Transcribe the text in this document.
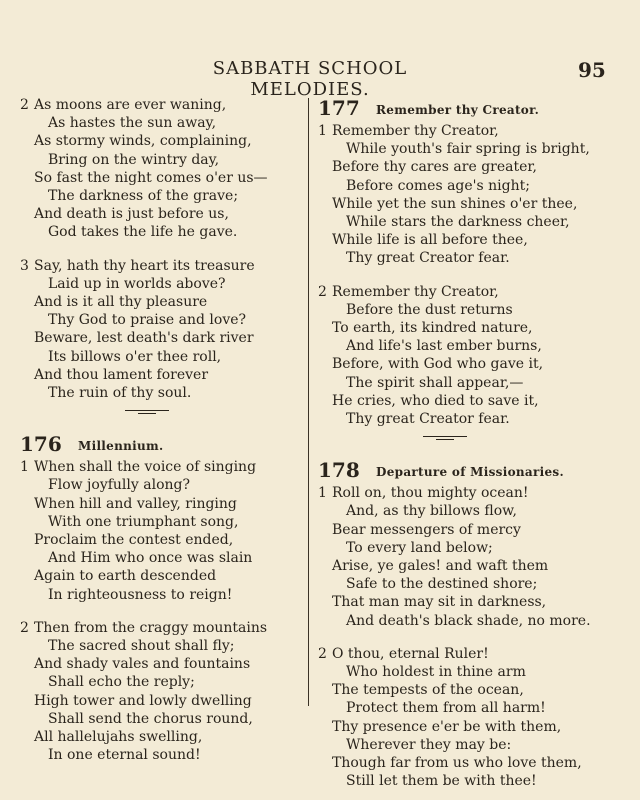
SABBATH SCHOOL MELODIES.
95
2 As moons are ever waning,
As hastes the sun away,
As stormy winds, complaining,
Bring on the wintry day,
So fast the night comes o'er us—
The darkness of the grave;
And death is just before us,
God takes the life he gave.
3 Say, hath thy heart its treasure
Laid up in worlds above?
And is it all thy pleasure
Thy God to praise and love?
Beware, lest death's dark river
Its billows o'er thee roll,
And thou lament forever
The ruin of thy soul.
176 Millennium.
1 When shall the voice of singing
Flow joyfully along?
When hill and valley, ringing
With one triumphant song,
Proclaim the contest ended,
And Him who once was slain
Again to earth descended
In righteousness to reign!
2 Then from the craggy mountains
The sacred shout shall fly;
And shady vales and fountains
Shall echo the reply;
High tower and lowly dwelling
Shall send the chorus round,
All hallelujahs swelling,
In one eternal sound!
177 Remember thy Creator.
1 Remember thy Creator,
While youth's fair spring is bright,
Before thy cares are greater,
Before comes age's night;
While yet the sun shines o'er thee,
While stars the darkness cheer,
While life is all before thee,
Thy great Creator fear.
2 Remember thy Creator,
Before the dust returns
To earth, its kindred nature,
And life's last ember burns,
Before, with God who gave it,
The spirit shall appear,—
He cries, who died to save it,
Thy great Creator fear.
178 Departure of Missionaries.
1 Roll on, thou mighty ocean!
And, as thy billows flow,
Bear messengers of mercy
To every land below;
Arise, ye gales! and waft them
Safe to the destined shore;
That man may sit in darkness,
And death's black shade, no more.
2 O thou, eternal Ruler!
Who holdest in thine arm
The tempests of the ocean,
Protect them from all harm!
Thy presence e'er be with them,
Wherever they may be:
Though far from us who love them,
Still let them be with thee!
